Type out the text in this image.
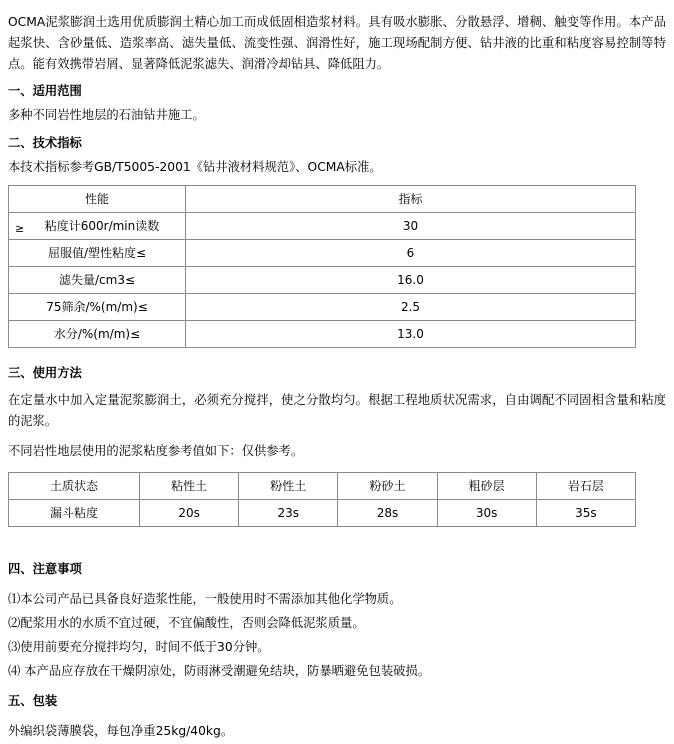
OCMA泥浆膨润土选用优质膨润土精心加工而成低固相造浆材料。具有吸水膨胀、分散悬浮、增稠、触变等作用。本产品起浆快、含砂量低、造浆率高、滤失量低、流变性强、润滑性好，施工现场配制方便、钻井液的比重和粘度容易控制等特点。能有效携带岩屑、显著降低泥浆滤失、润滑冷却钻具、降低阻力。

一、适用范围

多种不同岩性地层的石油钻井施工。

二、技术指标

本技术指标参考GB/T5005-2001《钻井液材料规范》、OCMA标准。

性能	指标

≥ 粘度计600r/min读数	30
屈服值/塑性粘度≤	6
滤失量/cm3≤	16.0
75筛余/%(m/m)≤	2.5
水分/%(m/m)≤	13.0

三、使用方法

在定量水中加入定量泥浆膨润土，必须充分搅拌，使之分散均匀。根据工程地质状况需求，自由调配不同固相含量和粘度的泥浆。

不同岩性地层使用的泥浆粘度参考值如下：仅供参考。

土质状态	粘性土	粉性土	粉砂土	粗砂层	岩石层
漏斗粘度	20s	23s	28s	30s	35s

四、注意事项

⑴本公司产品已具备良好造浆性能，一般使用时不需添加其他化学物质。

⑵配浆用水的水质不宜过硬，不宜偏酸性，否则会降低泥浆质量。

⑶使用前要充分搅拌均匀，时间不低于30分钟。

⑷ 本产品应存放在干燥阴凉处，防雨淋受潮避免结块，防暴晒避免包装破损。

五、包装

外编织袋薄膜袋，每包净重25kg/40kg。
